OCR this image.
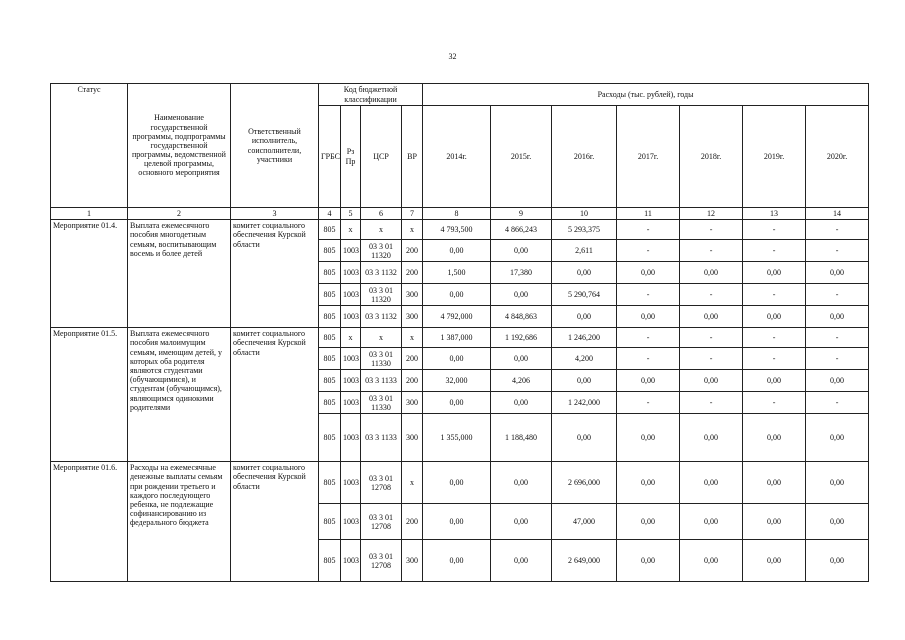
32
Статус	Наименование государственной программы, подпрограммы государственной программы, ведомственной целевой программы, основного мероприятия	Ответственный исполнитель, соисполнители, участники	Код бюджетной классификации				Расходы (тыс. рублей), годы						
			ГРБС	Рз Пр	ЦСР	ВР	2014г.	2015г.	2016г.	2017г.	2018г.	2019г.	2020г.
1	2	3	4	5	6	7	8	9	10	11	12	13	14
Мероприятие 01.4.	Выплата ежемесячного пособия многодетным семьям, воспитывающим восемь и более детей	комитет социального обеспечения Курской области	805	x	x	x	4 793,500	4 866,243	5 293,375	-	-	-	-
			805	1003	03 3 01 11320	200	0,00	0,00	2,611	-	-	-	-
			805	1003	03 3 1132	200	1,500	17,380	0,00	0,00	0,00	0,00	0,00
			805	1003	03 3 01 11320	300	0,00	0,00	5 290,764	-	-	-	-
			805	1003	03 3 1132	300	4 792,000	4 848,863	0,00	0,00	0,00	0,00	0,00
Мероприятие 01.5.	Выплата ежемесячного пособия малоимущим семьям, имеющим детей, у которых оба родителя являются студентами (обучающимися), и студентам (обучающимся), являющимся одинокими родителями	комитет социального обеспечения Курской области	805	x	x	x	1 387,000	1 192,686	1 246,200	-	-	-	-
			805	1003	03 3 01 11330	200	0,00	0,00	4,200	-	-	-	-
			805	1003	03 3 1133	200	32,000	4,206	0,00	0,00	0,00	0,00	0,00
			805	1003	03 3 01 11330	300	0,00	0,00	1 242,000	-	-	-	-
			805	1003	03 3 1133	300	1 355,000	1 188,480	0,00	0,00	0,00	0,00	0,00
Мероприятие 01.6.	Расходы на ежемесячные денежные выплаты семьям при рождении третьего и каждого последующего ребенка, не подлежащие софинансированию из федерального бюджета	комитет социального обеспечения Курской области	805	1003	03 3 01 12708	x	0,00	0,00	2 696,000	0,00	0,00	0,00	0,00
			805	1003	03 3 01 12708	200	0,00	0,00	47,000	0,00	0,00	0,00	0,00
			805	1003	03 3 01 12708	300	0,00	0,00	2 649,000	0,00	0,00	0,00	0,00
